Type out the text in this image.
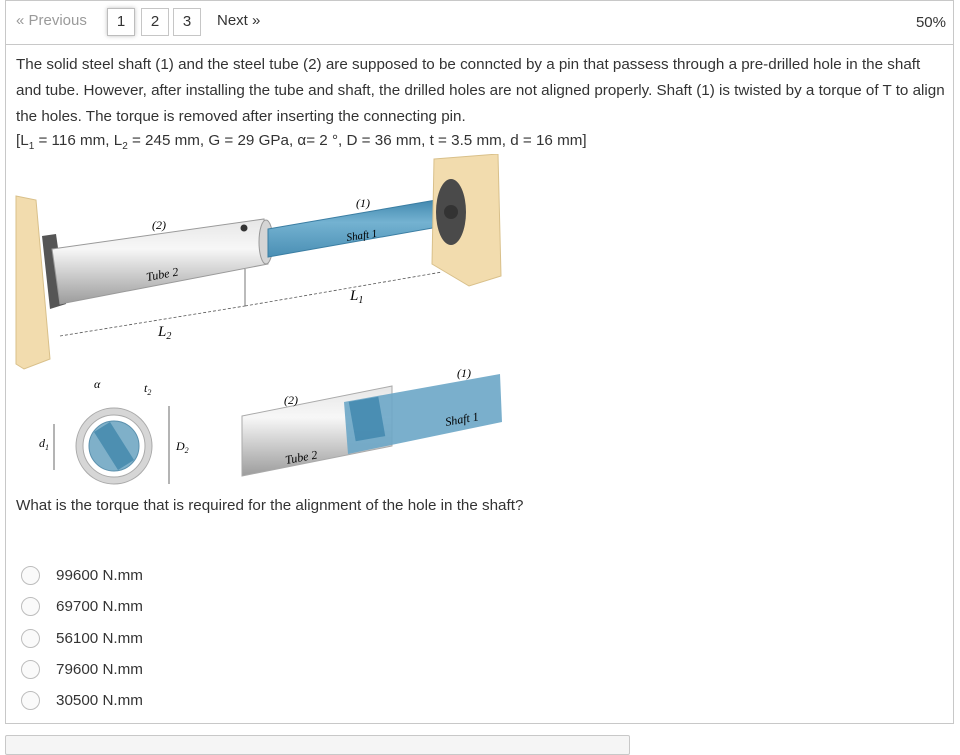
« Previous	1	2	3	Next »	50%
The solid steel shaft (1) and the steel tube (2) are supposed to be conncted by a pin that passess through a pre-drilled hole in the shaft and tube. However, after installing the tube and shaft, the drilled holes are not aligned properly. Shaft (1) is twisted by a torque of T to align the holes. The torque is removed after inserting the connecting pin.
[$L_1 = 116$ mm, $L_2 = 245$ mm, G = 29 GPa, α= 2 °, D = 36 mm, t = 3.5 mm, d = 16 mm]
(2)
(1)
Shaft 1
Tube 2
$L_1$
$L_2$
α	$t_2$
$d_1$	$D_2$
(2)
(1)
Shaft 1
Tube 2
What is the torque that is required for the alignment of the hole in the shaft?
99600 N.mm
69700 N.mm
56100 N.mm
79600 N.mm
30500 N.mm
